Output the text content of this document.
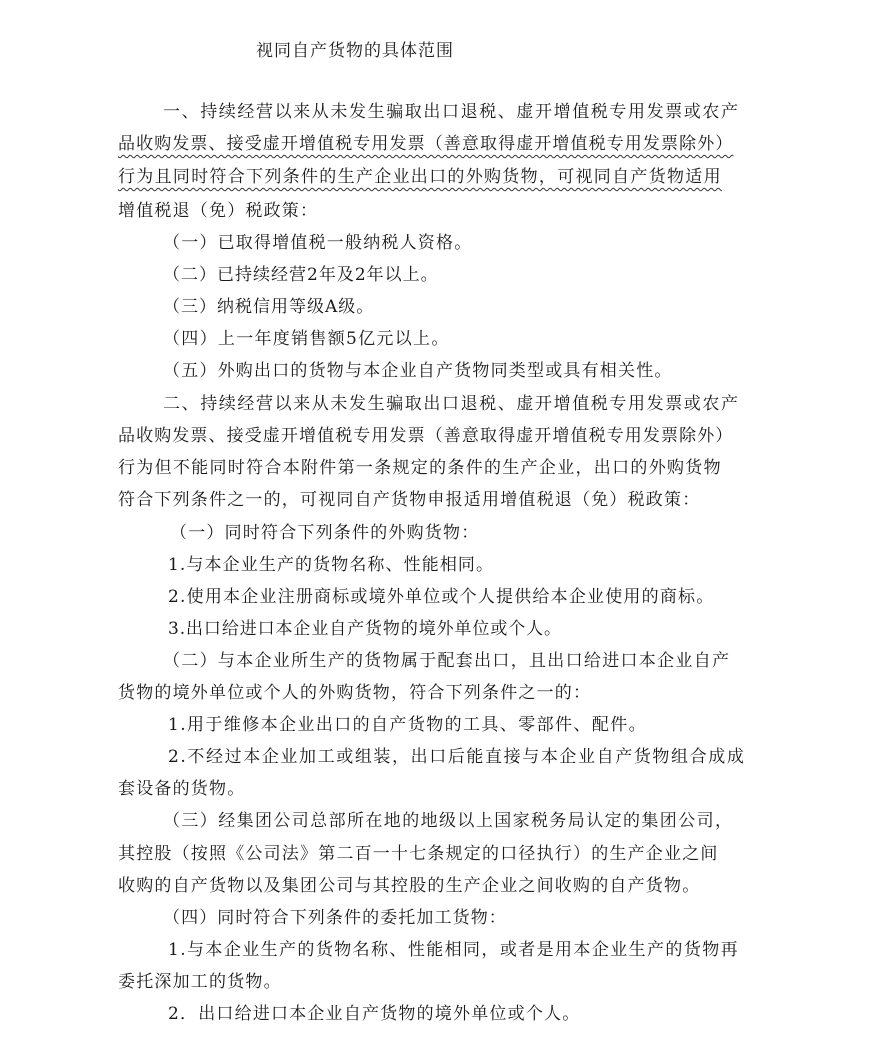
视同自产货物的具体范围
一、持续经营以来从未发生骗取出口退税、虚开增值税专用发票或农产
品收购发票、接受虚开增值税专用发票（善意取得虚开增值税专用发票除外）
行为且同时符合下列条件的生产企业出口的外购货物，可视同自产货物适用
增值税退（免）税政策：
（一）已取得增值税一般纳税人资格。
（二）已持续经营2年及2年以上。
（三）纳税信用等级A级。
（四）上一年度销售额5亿元以上。
（五）外购出口的货物与本企业自产货物同类型或具有相关性。
二、持续经营以来从未发生骗取出口退税、虚开增值税专用发票或农产
品收购发票、接受虚开增值税专用发票（善意取得虚开增值税专用发票除外）
行为但不能同时符合本附件第一条规定的条件的生产企业，出口的外购货物
符合下列条件之一的，可视同自产货物申报适用增值税退（免）税政策：
（一）同时符合下列条件的外购货物：
1.与本企业生产的货物名称、性能相同。
2.使用本企业注册商标或境外单位或个人提供给本企业使用的商标。
3.出口给进口本企业自产货物的境外单位或个人。
（二）与本企业所生产的货物属于配套出口，且出口给进口本企业自产
货物的境外单位或个人的外购货物，符合下列条件之一的：
1.用于维修本企业出口的自产货物的工具、零部件、配件。
2.不经过本企业加工或组装，出口后能直接与本企业自产货物组合成成
套设备的货物。
（三）经集团公司总部所在地的地级以上国家税务局认定的集团公司，
其控股（按照《公司法》第二百一十七条规定的口径执行）的生产企业之间
收购的自产货物以及集团公司与其控股的生产企业之间收购的自产货物。
（四）同时符合下列条件的委托加工货物：
1.与本企业生产的货物名称、性能相同，或者是用本企业生产的货物再
委托深加工的货物。
2．出口给进口本企业自产货物的境外单位或个人。
